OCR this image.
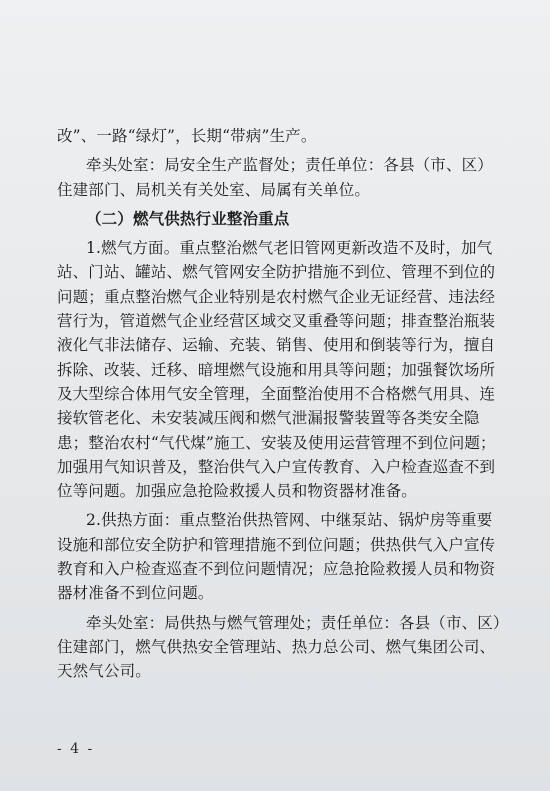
改”、一路“绿灯”，长期“带病”生产。
牵头处室：局安全生产监督处；责任单位：各县（市、区）
住建部门、局机关有关处室、局属有关单位。
（二）燃气供热行业整治重点
1.燃气方面。重点整治燃气老旧管网更新改造不及时，加气
站、门站、罐站、燃气管网安全防护措施不到位、管理不到位的
问题；重点整治燃气企业特别是农村燃气企业无证经营、违法经
营行为，管道燃气企业经营区域交叉重叠等问题；排查整治瓶装
液化气非法储存、运输、充装、销售、使用和倒装等行为，擅自
拆除、改装、迁移、暗埋燃气设施和用具等问题；加强餐饮场所
及大型综合体用气安全管理，全面整治使用不合格燃气用具、连
接软管老化、未安装减压阀和燃气泄漏报警装置等各类安全隐
患；整治农村“气代煤”施工、安装及使用运营管理不到位问题；
加强用气知识普及，整治供气入户宣传教育、入户检查巡查不到
位等问题。加强应急抢险救援人员和物资器材准备。
2.供热方面：重点整治供热管网、中继泵站、锅炉房等重要
设施和部位安全防护和管理措施不到位问题；供热供气入户宣传
教育和入户检查巡查不到位问题情况；应急抢险救援人员和物资
器材准备不到位问题。
牵头处室：局供热与燃气管理处；责任单位：各县（市、区）
住建部门，燃气供热安全管理站、热力总公司、燃气集团公司、
天然气公司。
- 4 -
